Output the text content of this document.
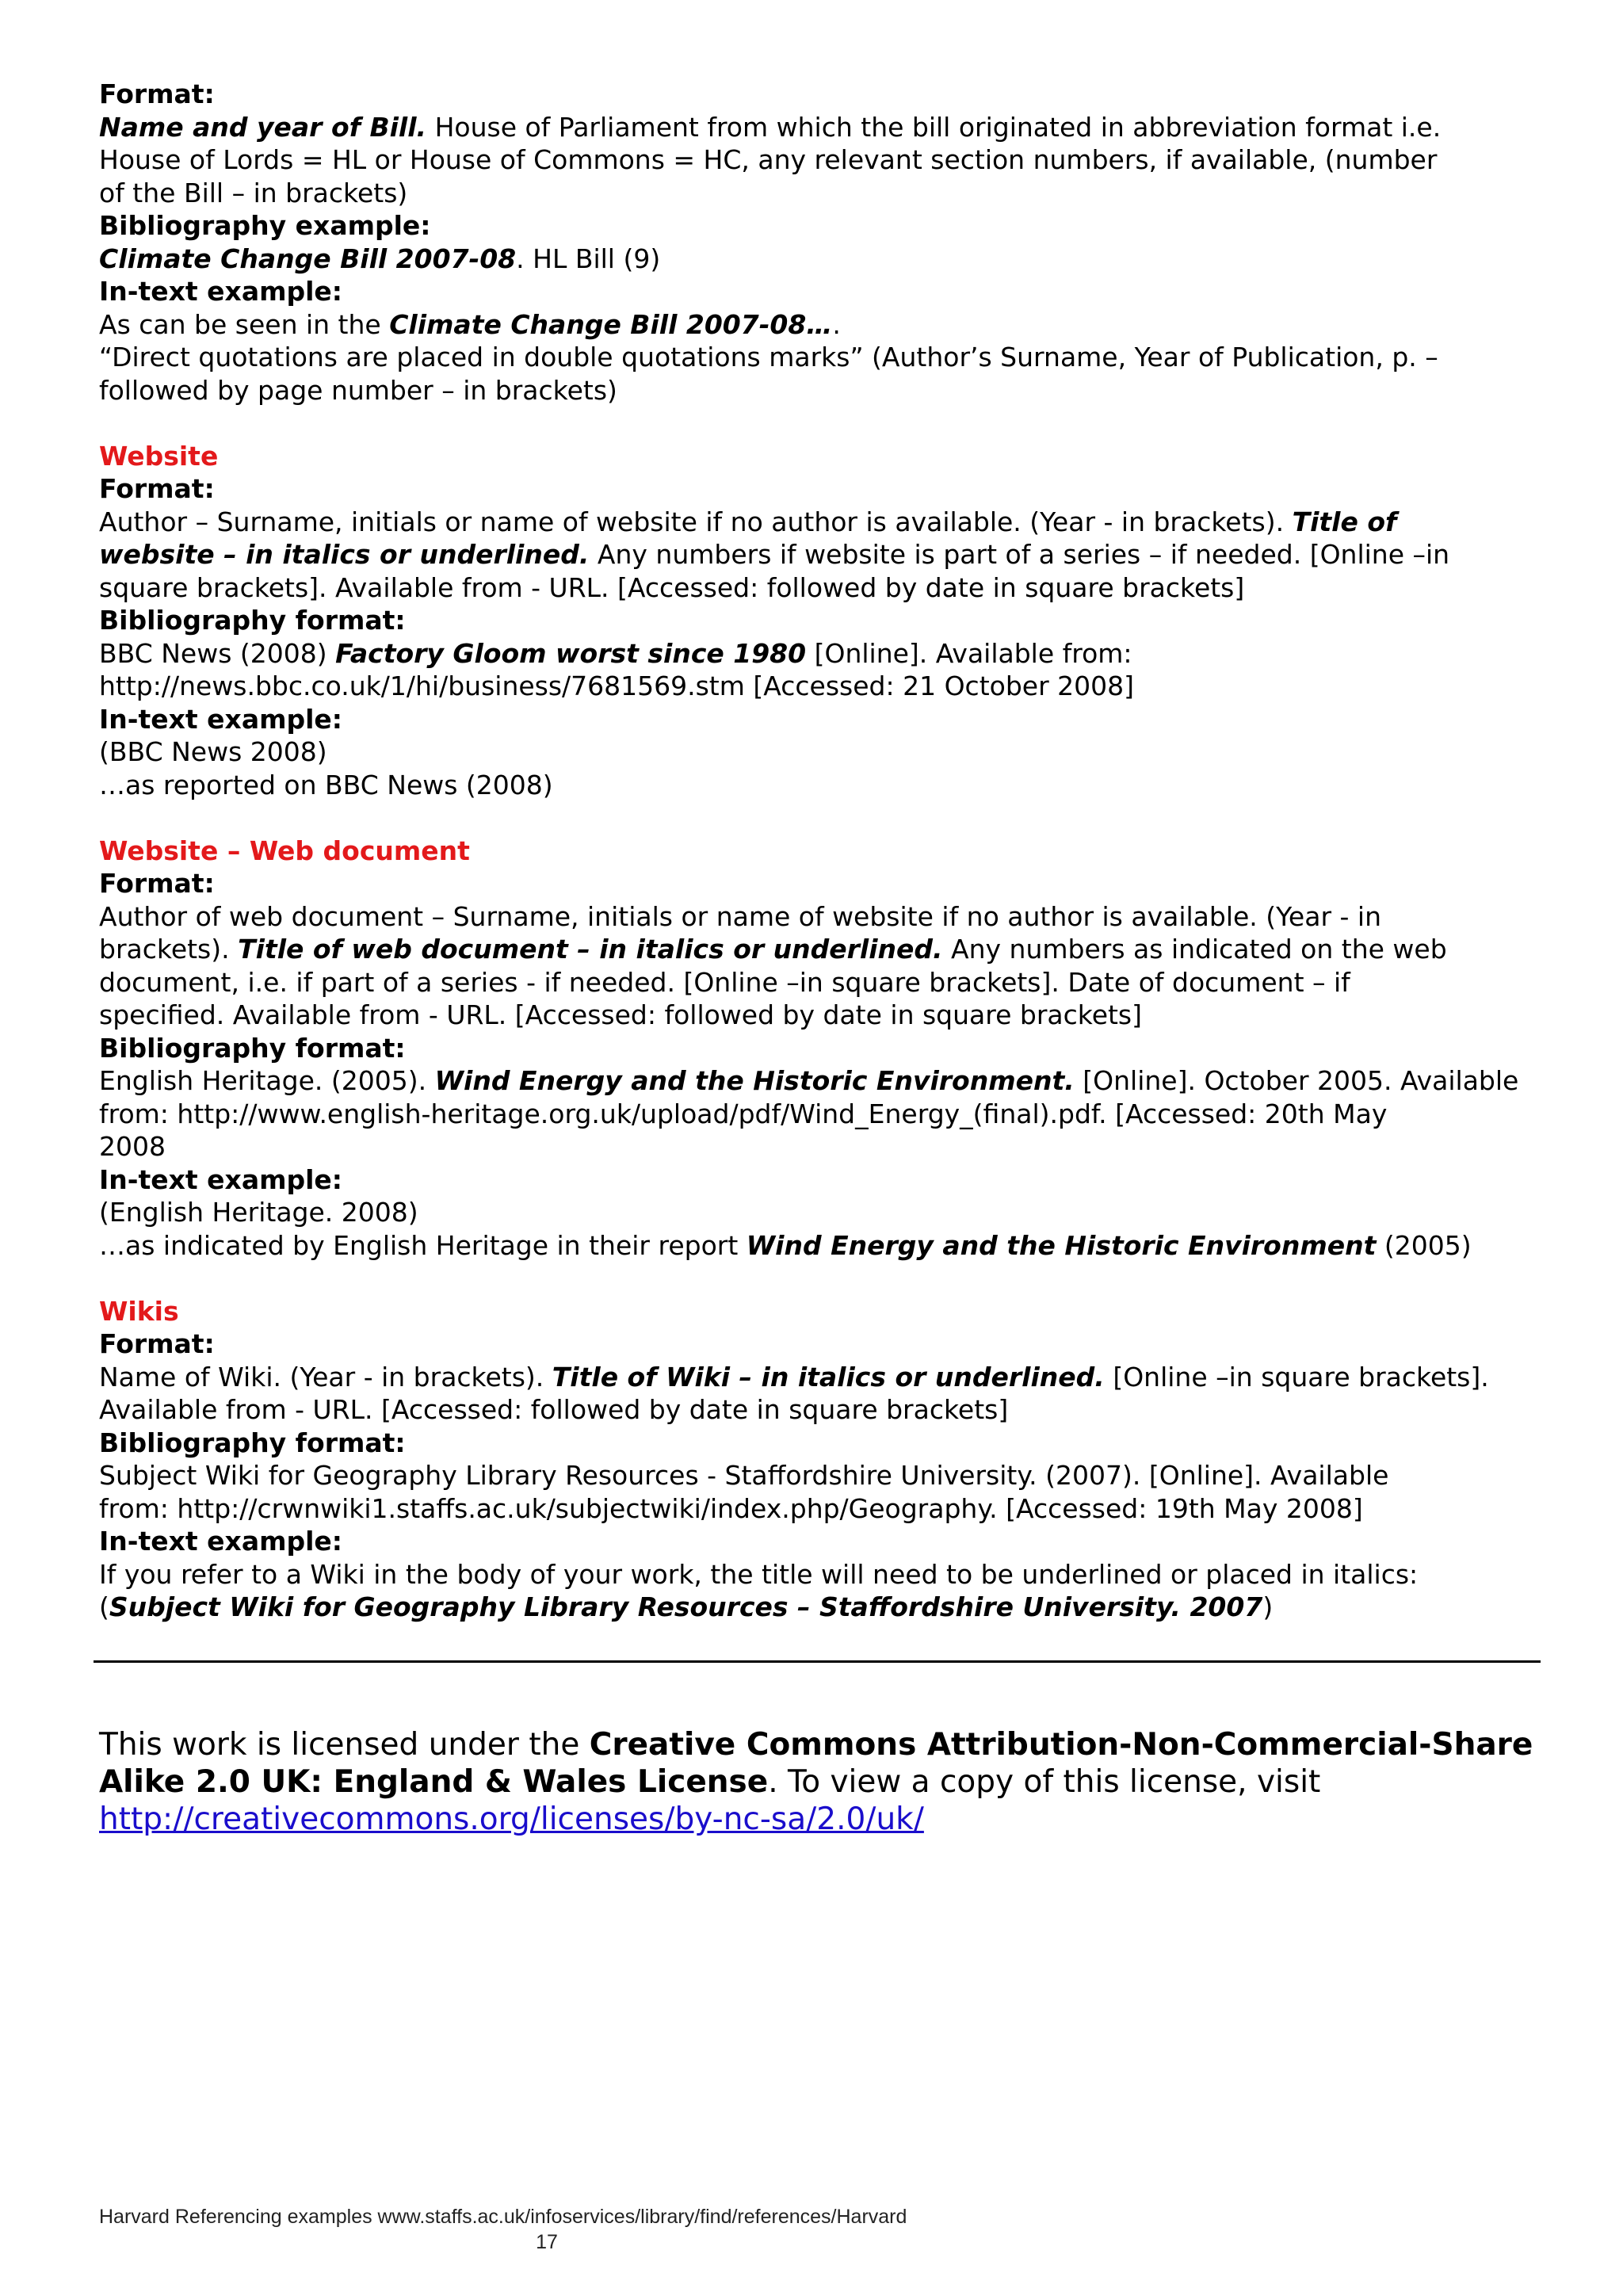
Format:
Name and year of Bill. House of Parliament from which the bill originated in abbreviation format i.e.
House of Lords = HL or House of Commons = HC, any relevant section numbers, if available, (number
of the Bill – in brackets)
Bibliography example:
Climate Change Bill 2007-08. HL Bill (9)
In-text example:
As can be seen in the Climate Change Bill 2007-08….
“Direct quotations are placed in double quotations marks” (Author’s Surname, Year of Publication, p. –
followed by page number – in brackets)
Website
Format:
Author – Surname, initials or name of website if no author is available. (Year - in brackets). Title of
website – in italics or underlined. Any numbers if website is part of a series – if needed. [Online –in
square brackets]. Available from - URL. [Accessed: followed by date in square brackets]
Bibliography format:
BBC News (2008) Factory Gloom worst since 1980 [Online]. Available from:
http://news.bbc.co.uk/1/hi/business/7681569.stm [Accessed: 21 October 2008]
In-text example:
(BBC News 2008)
…as reported on BBC News (2008)
Website – Web document
Format:
Author of web document – Surname, initials or name of website if no author is available. (Year - in
brackets). Title of web document – in italics or underlined. Any numbers as indicated on the web
document, i.e. if part of a series - if needed. [Online –in square brackets]. Date of document – if
specified. Available from - URL. [Accessed: followed by date in square brackets]
Bibliography format:
English Heritage. (2005). Wind Energy and the Historic Environment. [Online]. October 2005. Available
from: http://www.english-heritage.org.uk/upload/pdf/Wind_Energy_(final).pdf. [Accessed: 20th May
2008
In-text example:
(English Heritage. 2008)
…as indicated by English Heritage in their report Wind Energy and the Historic Environment (2005)
Wikis
Format:
Name of Wiki. (Year - in brackets). Title of Wiki – in italics or underlined. [Online –in square brackets].
Available from - URL. [Accessed: followed by date in square brackets]
Bibliography format:
Subject Wiki for Geography Library Resources - Staffordshire University. (2007). [Online]. Available
from: http://crwnwiki1.staffs.ac.uk/subjectwiki/index.php/Geography. [Accessed: 19th May 2008]
In-text example:
If you refer to a Wiki in the body of your work, the title will need to be underlined or placed in italics:
(Subject Wiki for Geography Library Resources – Staffordshire University. 2007)
This work is licensed under the Creative Commons Attribution-Non-Commercial-Share
Alike 2.0 UK: England & Wales License. To view a copy of this license, visit
http://creativecommons.org/licenses/by-nc-sa/2.0/uk/
Harvard Referencing examples www.staffs.ac.uk/infoservices/library/find/references/Harvard
17
